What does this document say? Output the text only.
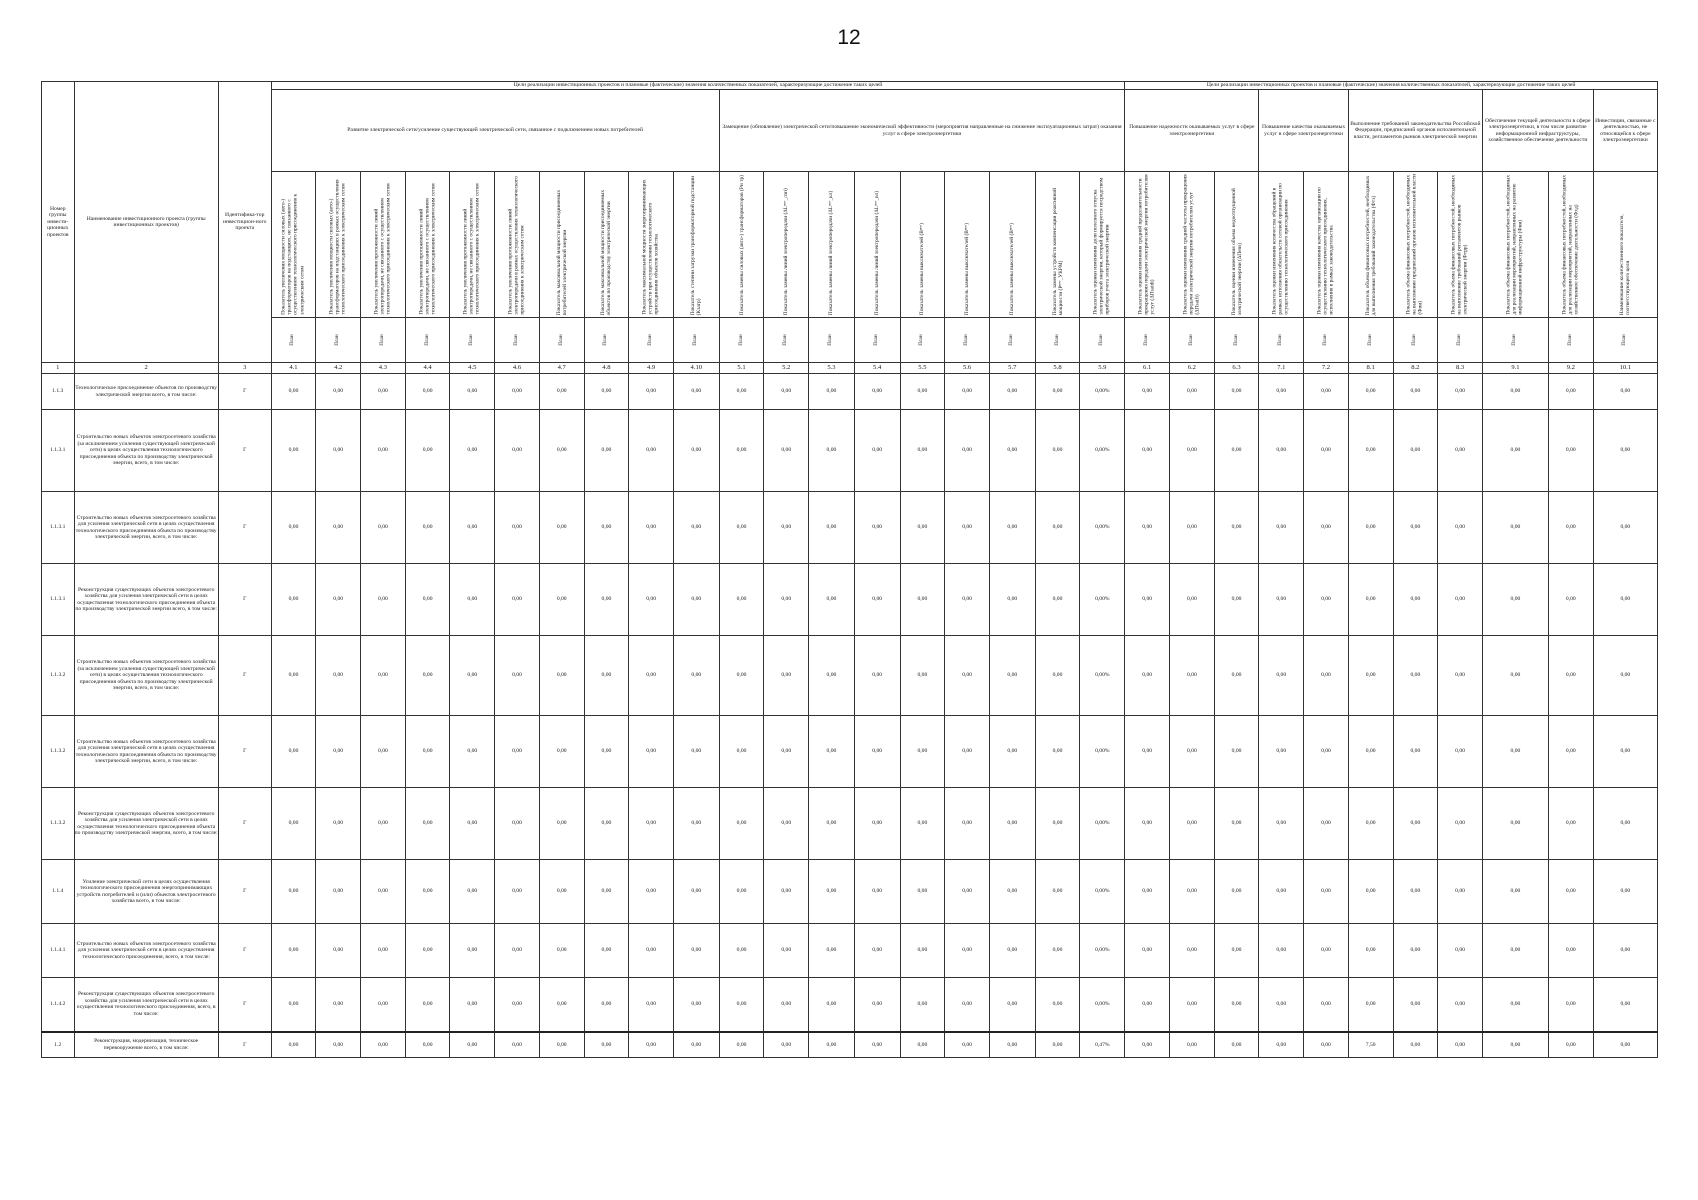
12
Номер группы инвести-ционных проектов	Наименование инвестиционного проекта (группы инвестиционных проектов)	Идентифика-тор инвестицион-ного проекта	Цели реализации инвестиционных проектов и плановые (фактические) значения количественных показателей, характеризующие достижение таких целей																			Цели реализации инвестиционных проектов и плановые (фактические) значения количественных показателей, характеризующие достижение таких целей										
			Развитие электрической сети/усиление существующей электрической сети, связанное с подключением новых потребителей										Замещение (обновление) электрической сети/повышение экономической эффективности (мероприятия направленные на снижение эксплуатационных затрат) оказания услуг в сфере электроэнергетики									Повышение надежности оказываемых услуг в сфере электроэнергетики			Повышение качества оказываемых услуг в сфере электроэнергетики		Выполнение требований законодательства Российской Федерации, предписаний органов исполнительной власти, регламентов рынков электрической энергии			Обеспечение текущей деятельности в сфере электроэнергетики, в том числе развитие информационной инфраструктуры, хозяйственное обеспечение деятельности		Инвестиции, связанные с деятельностью, не относящейся к сфере электроэнергетики

			Показатель увеличения мощности силовых (авто-) трансформаторов на подстанциях, не связанного с осуществлением технологического присоединения к электрическим сетям	Показатель увеличения мощности силовых (авто-) трансформаторов на подстанциях в рамках осуществления технологического присоединения к электрическим сетям	Показатель увеличения протяженности линий электропередачи, не связанного с осуществлением технологического присоединения к электрическим сетям	Показатель увеличения протяженности линий электропередачи, не связанного с осуществлением технологического присоединения к электрическим сетям	Показатель увеличения протяженности линий электропередачи, не связанного с осуществлением технологического присоединения к электрическим сетям	Показатель увеличения протяженности линий электропередачи в рамках осуществления технологического присоединения к электрическим сетям	Показатель максимальной мощности присоединяемых потребителей электрической энергии	Показатель максимальной мощности присоединяемых объектов по производству электрической энергии	Показатель максимальной мощности энергопринимающих устройств при осуществлении технологического присоединения объектов хозяйства	Показатель степени загрузки трансформаторной подстанции (Kзагр)	Показатель замены силовых (авто-) трансформаторов (Pн тр)	Показатель замены линий электропередачи (ΔLⁿᵉʷ_лэп)	Показатель замены линий электропередачи (ΔLⁿᵉʷ_кл)	Показатель замены линий электропередачи (ΔLⁿᵉʷ_вл)	Показатель замены выключателей (Вⁿᵉʷ)	Показатель замены выключателей (Вⁿᵉʷ)	Показатель замены выключателей (Вⁿᵉʷ)	Показатель замены устройств компенсации реактивной мощности (Pⁿᵉʷ_УКРМ)	Показатель оценки изменения доли полезного отпуска электрической энергии, который формируется посредством приборов учета электрической энергии	Показатель оценки изменения средней продолжительности прекращения передачи электрической энергии потребителям услуг (ΔПsaidi)	Показатель оценки изменения средней частоты прекращения передачи электрической энергии потребителям услуг (ΔПsaifi)	Показатель оценки изменения объема недоотпущенной электрической энергии (ΔПens)	Показатель оценки изменения количества обращений в рамках исполнения обязательств сетевой организации по осуществлению технологического присоединения	Показатель оценки изменения качества организации по осуществлению технологического присоединения, исполнения в рамках законодательства	Показатель объема финансовых потребностей, необходимых для выполнения требований законодательства (Фтз)	Показатель объема финансовых потребностей, необходимых на выполнение предписаний органов исполнительной власти (Фпи)	Показатель объема финансовых потребностей, необходимых на выполнение требований регламентов рынков электрической энергии (Фтрр)	Показатель объема финансовых потребностей, необходимых для реализации мероприятий, направленных на развитие информационной инфраструктуры (Фии)	Показатель объема финансовых потребностей, необходимых для реализации мероприятий, направленных на хозяйственное обеспечение деятельности (Фхд)	Наименование количественного показателя, соответствующего цели

			План	План	План	План	План	План	План	План	План	План	План	План	План	План	План	План	План	План	План	План	План	План	План	План	План	План	План	План	План	План

1	2	3	4.1	4.2	4.3	4.4	4.5	4.6	4.7	4.8	4.9	4.10	5.1	5.2	5.3	5.4	5.5	5.6	5.7	5.8	5.9	6.1	6.2	6.3	7.1	7.2	8.1	8.2	8.3	9.1	9.2	10.1
1.1.3	Технологическое присоединение объектов по производству электрической энергии всего, в том числе:	Г	0,00	0,00	0,00	0,00	0,00	0,00	0,00	0,00	0,00	0,00	0,00	0,00	0,00	0,00	0,00	0,00	0,00	0,00	0,00%	0,00	0,00	0,00	0,00	0,00	0,00	0,00	0,00	0,00	0,00	0,00
1.1.3.1	Строительство новых объектов электросетевого хозяйства (за исключением усиления существующей электрической сети) в целях осуществления технологического присоединения объекта по производству электрической энергии, всего, в том числе:	Г	0,00	0,00	0,00	0,00	0,00	0,00	0,00	0,00	0,00	0,00	0,00	0,00	0,00	0,00	0,00	0,00	0,00	0,00	0,00%	0,00	0,00	0,00	0,00	0,00	0,00	0,00	0,00	0,00	0,00	0,00
1.1.3.1	Строительство новых объектов электросетевого хозяйства для усиления электрической сети в целях осуществления технологического присоединения объекта по производству электрической энергии, всего, в том числе:	Г	0,00	0,00	0,00	0,00	0,00	0,00	0,00	0,00	0,00	0,00	0,00	0,00	0,00	0,00	0,00	0,00	0,00	0,00	0,00%	0,00	0,00	0,00	0,00	0,00	0,00	0,00	0,00	0,00	0,00	0,00
1.1.3.1	Реконструкция существующих объектов электросетевого хозяйства для усиления электрической сети в целях осуществления технологического присоединения объекта по производству электрической энергии всего, в том числе:	Г	0,00	0,00	0,00	0,00	0,00	0,00	0,00	0,00	0,00	0,00	0,00	0,00	0,00	0,00	0,00	0,00	0,00	0,00	0,00%	0,00	0,00	0,00	0,00	0,00	0,00	0,00	0,00	0,00	0,00	0,00
1.1.3.2	Строительство новых объектов электросетевого хозяйства (за исключением усиления существующей электрической сети) в целях осуществления технологического присоединения объекта по производству электрической энергии, всего, в том числе:	Г	0,00	0,00	0,00	0,00	0,00	0,00	0,00	0,00	0,00	0,00	0,00	0,00	0,00	0,00	0,00	0,00	0,00	0,00	0,00%	0,00	0,00	0,00	0,00	0,00	0,00	0,00	0,00	0,00	0,00	0,00
1.1.3.2	Строительство новых объектов электросетевого хозяйства для усиления электрической сети в целях осуществления технологического присоединения объекта по производству электрической энергии, всего, в том числе:	Г	0,00	0,00	0,00	0,00	0,00	0,00	0,00	0,00	0,00	0,00	0,00	0,00	0,00	0,00	0,00	0,00	0,00	0,00	0,00%	0,00	0,00	0,00	0,00	0,00	0,00	0,00	0,00	0,00	0,00	0,00
1.1.3.2	Реконструкция существующих объектов электросетевого хозяйства для усиления электрической сети в целях осуществления технологического присоединения объекта по производству электрической энергии, всего, в том числе:	Г	0,00	0,00	0,00	0,00	0,00	0,00	0,00	0,00	0,00	0,00	0,00	0,00	0,00	0,00	0,00	0,00	0,00	0,00	0,00%	0,00	0,00	0,00	0,00	0,00	0,00	0,00	0,00	0,00	0,00	0,00
1.1.4	Усиление электрической сети в целях осуществления технологического присоединения энергопринимающих устройств потребителей и (или) объектов электросетевого хозяйства всего, в том числе:	Г	0,00	0,00	0,00	0,00	0,00	0,00	0,00	0,00	0,00	0,00	0,00	0,00	0,00	0,00	0,00	0,00	0,00	0,00	0,00%	0,00	0,00	0,00	0,00	0,00	0,00	0,00	0,00	0,00	0,00	0,00
1.1.4.1	Строительство новых объектов электросетевого хозяйства для усиления электрической сети в целях осуществления технологического присоединения, всего, в том числе:	Г	0,00	0,00	0,00	0,00	0,00	0,00	0,00	0,00	0,00	0,00	0,00	0,00	0,00	0,00	0,00	0,00	0,00	0,00	0,00%	0,00	0,00	0,00	0,00	0,00	0,00	0,00	0,00	0,00	0,00	0,00
1.1.4.2	Реконструкция существующих объектов электросетевого хозяйства для усиления электрической сети в целях осуществления технологического присоединения, всего, в том числе:	Г	0,00	0,00	0,00	0,00	0,00	0,00	0,00	0,00	0,00	0,00	0,00	0,00	0,00	0,00	0,00	0,00	0,00	0,00	0,00%	0,00	0,00	0,00	0,00	0,00	0,00	0,00	0,00	0,00	0,00	0,00
1.2	Реконструкция, модернизация, техническое перевооружение всего, в том числе:	Г	0,00	0,00	0,00	0,00	0,00	0,00	0,00	0,00	0,00	0,00	0,00	0,00	0,00	0,00	0,00	0,00	0,00	0,00	0,47%	0,00	0,00	0,00	0,00	0,00	7,50	0,00	0,00	0,00	0,00	0,00
